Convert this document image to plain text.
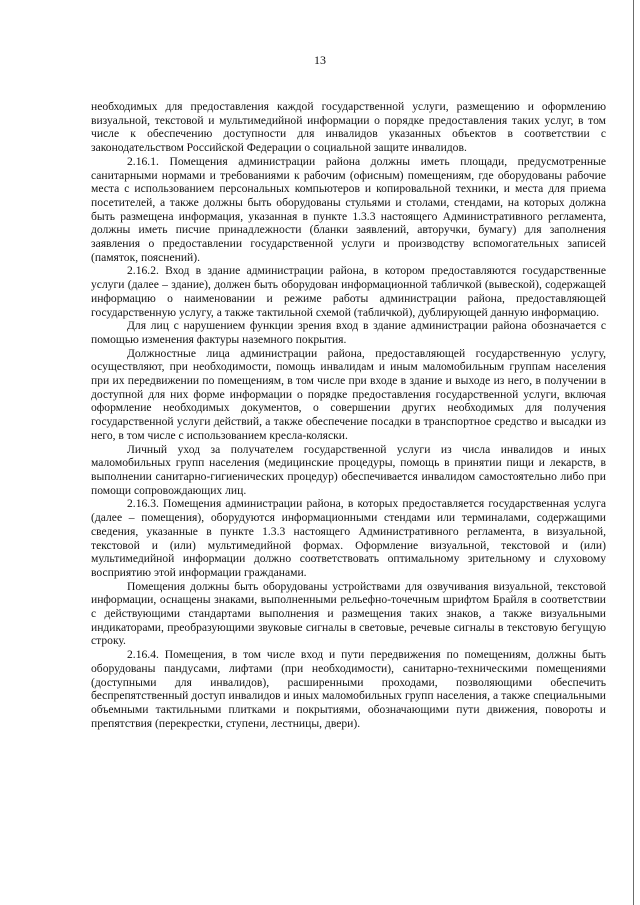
13

необходимых для предоставления каждой государственной услуги, размещению и оформлению визуальной, текстовой и мультимедийной информации о порядке предоставления таких услуг, в том числе к обеспечению доступности для инвалидов указанных объектов в соответствии с законодательством Российской Федерации о социальной защите инвалидов.

2.16.1. Помещения администрации района должны иметь площади, предусмотренные санитарными нормами и требованиями к рабочим (офисным) помещениям, где оборудованы рабочие места с использованием персональных компьютеров и копировальной техники, и места для приема посетителей, а также должны быть оборудованы стульями и столами, стендами, на которых должна быть размещена информация, указанная в пункте 1.3.3 настоящего Административного регламента, должны иметь писчие принадлежности (бланки заявлений, авторучки, бумагу) для заполнения заявления о предоставлении государственной услуги и производству вспомогательных записей (памяток, пояснений).

2.16.2. Вход в здание администрации района, в котором предоставляются государственные услуги (далее – здание), должен быть оборудован информационной табличкой (вывеской), содержащей информацию о наименовании и режиме работы администрации района, предоставляющей государственную услугу, а также тактильной схемой (табличкой), дублирующей данную информацию.

Для лиц с нарушением функции зрения вход в здание администрации района обозначается с помощью изменения фактуры наземного покрытия.

Должностные лица администрации района, предоставляющей государственную услугу, осуществляют, при необходимости, помощь инвалидам и иным маломобильным группам населения при их передвижении по помещениям, в том числе при входе в здание и выходе из него, в получении в доступной для них форме информации о порядке предоставления государственной услуги, включая оформление необходимых документов, о совершении других необходимых для получения государственной услуги действий, а также обеспечение посадки в транспортное средство и высадки из него, в том числе с использованием кресла-коляски.

Личный уход за получателем государственной услуги из числа инвалидов и иных маломобильных групп населения (медицинские процедуры, помощь в принятии пищи и лекарств, в выполнении санитарно-гигиенических процедур) обеспечивается инвалидом самостоятельно либо при помощи сопровождающих лиц.

2.16.3. Помещения администрации района, в которых предоставляется государственная услуга (далее – помещения), оборудуются информационными стендами или терминалами, содержащими сведения, указанные в пункте 1.3.3 настоящего Административного регламента, в визуальной, текстовой и (или) мультимедийной формах. Оформление визуальной, текстовой и (или) мультимедийной информации должно соответствовать оптимальному зрительному и слуховому восприятию этой информации гражданами.

Помещения должны быть оборудованы устройствами для озвучивания визуальной, текстовой информации, оснащены знаками, выполненными рельефно-точечным шрифтом Брайля в соответствии с действующими стандартами выполнения и размещения таких знаков, а также визуальными индикаторами, преобразующими звуковые сигналы в световые, речевые сигналы в текстовую бегущую строку.

2.16.4. Помещения, в том числе вход и пути передвижения по помещениям, должны быть оборудованы пандусами, лифтами (при необходимости), санитарно-техническими помещениями (доступными для инвалидов), расширенными проходами, позволяющими обеспечить беспрепятственный доступ инвалидов и иных маломобильных групп населения, а также специальными объемными тактильными плитками и покрытиями, обозначающими пути движения, повороты и препятствия (перекрестки, ступени, лестницы, двери).
